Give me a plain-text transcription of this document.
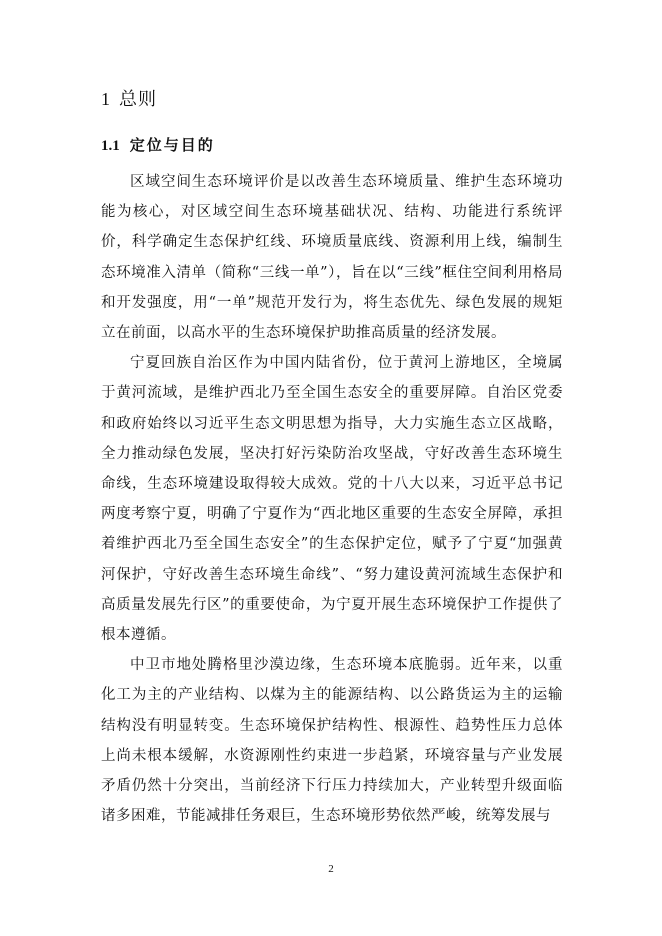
1 总则
1.1 定位与目的

区域空间生态环境评价是以改善生态环境质量、维护生态环境功能为核心，对区域空间生态环境基础状况、结构、功能进行系统评价，科学确定生态保护红线、环境质量底线、资源利用上线，编制生态环境准入清单（简称“三线一单”），旨在以“三线”框住空间利用格局和开发强度，用“一单”规范开发行为，将生态优先、绿色发展的规矩立在前面，以高水平的生态环境保护助推高质量的经济发展。

宁夏回族自治区作为中国内陆省份，位于黄河上游地区，全境属于黄河流域，是维护西北乃至全国生态安全的重要屏障。自治区党委和政府始终以习近平生态文明思想为指导，大力实施生态立区战略，全力推动绿色发展，坚决打好污染防治攻坚战，守好改善生态环境生命线，生态环境建设取得较大成效。党的十八大以来，习近平总书记两度考察宁夏，明确了宁夏作为“西北地区重要的生态安全屏障，承担着维护西北乃至全国生态安全”的生态保护定位，赋予了宁夏“加强黄河保护，守好改善生态环境生命线”、“努力建设黄河流域生态保护和高质量发展先行区”的重要使命，为宁夏开展生态环境保护工作提供了根本遵循。

中卫市地处腾格里沙漠边缘，生态环境本底脆弱。近年来，以重化工为主的产业结构、以煤为主的能源结构、以公路货运为主的运输结构没有明显转变。生态环境保护结构性、根源性、趋势性压力总体上尚未根本缓解，水资源刚性约束进一步趋紧，环境容量与产业发展矛盾仍然十分突出，当前经济下行压力持续加大，产业转型升级面临诸多困难，节能减排任务艰巨，生态环境形势依然严峻，统筹发展与

2
